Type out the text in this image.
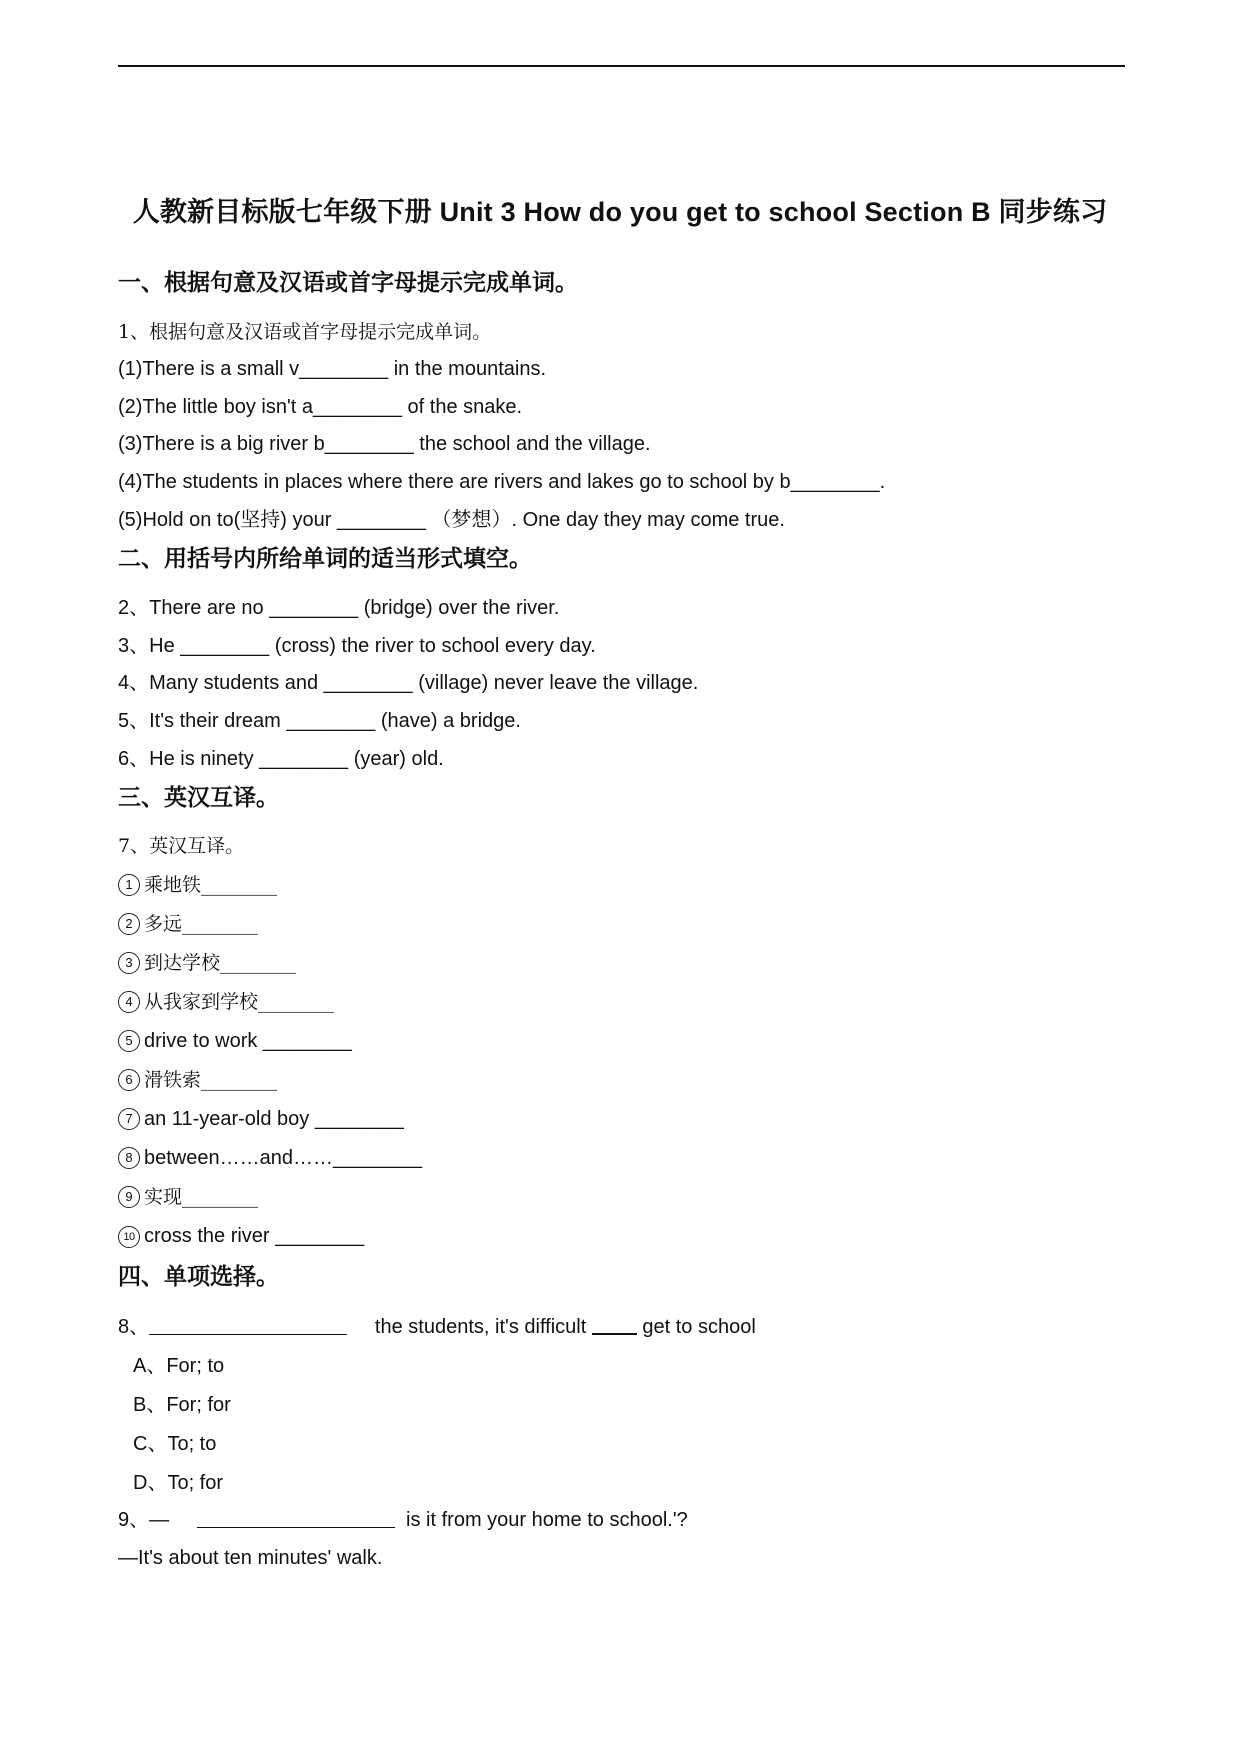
人教新目标版七年级下册 Unit 3 How do you get to school Section B 同步练习
一、根据句意及汉语或首字母提示完成单词。
1、根据句意及汉语或首字母提示完成单词。
(1)There is a small v________ in the mountains.
(2)The little boy isn't a________ of the snake.
(3)There is a big river b________ the school and the village.
(4)The students in places where there are rivers and lakes go to school by b________.
(5)Hold on to(坚持) your ________ （梦想）. One day they may come true.
二、用括号内所给单词的适当形式填空。
2、There are no ________ (bridge) over the river.
3、He ________ (cross) the river to school every day.
4、Many students and ________ (village) never leave the village.
5、It's their dream ________ (have) a bridge.
6、He is ninety ________ (year) old.
三、英汉互译。
7、英汉互译。
1 乘地铁________
2 多远________
3 到达学校________
4 从我家到学校________
5 drive to work ________
6 滑铁索________
7 an 11-year-old boy ________
8 between……and……________
9 实现________
10 cross the river ________
四、单项选择。
8、	the students, it's difficult	get to school
A、For; to
B、For; for
C、To; to
D、To; for
9、—	is it from your home to school.'?
—It's about ten minutes' walk.
